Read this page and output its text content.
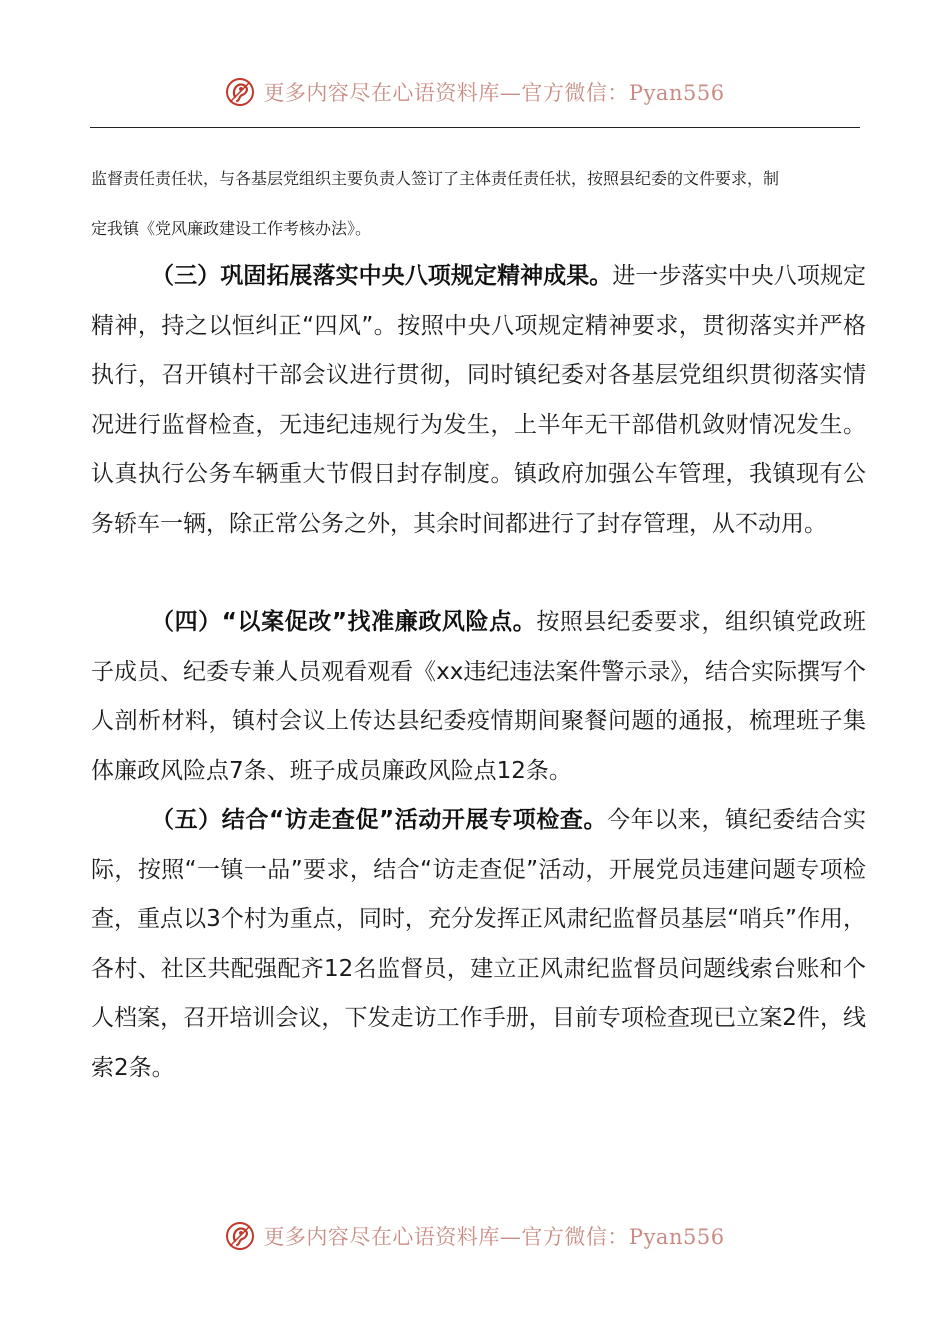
更多内容尽在心语资料库—官方微信：Pyan556

监督责任责任状，与各基层党组织主要负责人签订了主体责任责任状，按照县纪委的文件要求，制

定我镇《党风廉政建设工作考核办法》。

（三）巩固拓展落实中央八项规定精神成果。进一步落实中央八项规定精神，持之以恒纠正“四风”。按照中央八项规定精神要求，贯彻落实并严格执行，召开镇村干部会议进行贯彻，同时镇纪委对各基层党组织贯彻落实情况进行监督检查，无违纪违规行为发生，上半年无干部借机敛财情况发生。认真执行公务车辆重大节假日封存制度。镇政府加强公车管理，我镇现有公务轿车一辆，除正常公务之外，其余时间都进行了封存管理，从不动用。

（四）“以案促改”找准廉政风险点。按照县纪委要求，组织镇党政班子成员、纪委专兼人员观看观看《xx违纪违法案件警示录》，结合实际撰写个人剖析材料，镇村会议上传达县纪委疫情期间聚餐问题的通报，梳理班子集体廉政风险点7条、班子成员廉政风险点12条。

（五）结合“访走查促”活动开展专项检查。今年以来，镇纪委结合实际，按照“一镇一品”要求，结合“访走查促”活动，开展党员违建问题专项检查，重点以3个村为重点，同时，充分发挥正风肃纪监督员基层“哨兵”作用，各村、社区共配强配齐12名监督员，建立正风肃纪监督员问题线索台账和个人档案，召开培训会议，下发走访工作手册，目前专项检查现已立案2件，线索2条。

更多内容尽在心语资料库—官方微信：Pyan556
